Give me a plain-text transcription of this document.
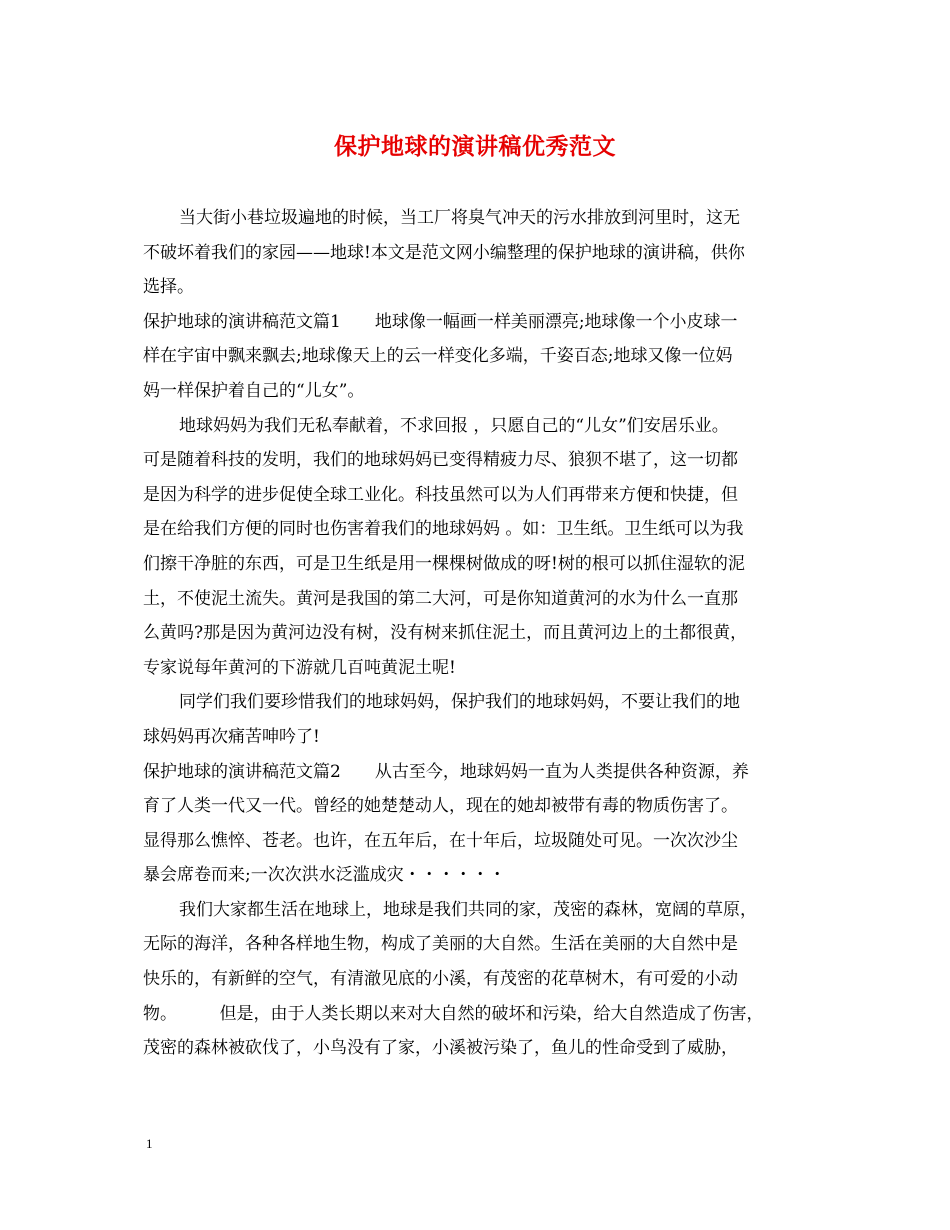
保护地球的演讲稿优秀范文
当大街小巷垃圾遍地的时候，当工厂将臭气冲天的污水排放到河里时，这无
不破坏着我们的家园——地球!本文是范文网小编整理的保护地球的演讲稿，供你
选择。
保护地球的演讲稿范文篇1　　地球像一幅画一样美丽漂亮;地球像一个小皮球一
样在宇宙中飘来飘去;地球像天上的云一样变化多端，千姿百态;地球又像一位妈
妈一样保护着自己的“儿女”。
地球妈妈为我们无私奉献着，不求回报 ，只愿自己的“儿女”们安居乐业。
可是随着科技的发明，我们的地球妈妈已变得精疲力尽、狼狈不堪了，这一切都
是因为科学的进步促使全球工业化。科技虽然可以为人们再带来方便和快捷，但
是在给我们方便的同时也伤害着我们的地球妈妈 。如：卫生纸。卫生纸可以为我
们擦干净脏的东西，可是卫生纸是用一棵棵树做成的呀!树的根可以抓住湿软的泥
土，不使泥土流失。黄河是我国的第二大河，可是你知道黄河的水为什么一直那
么黄吗?那是因为黄河边没有树，没有树来抓住泥土，而且黄河边上的土都很黄，
专家说每年黄河的下游就几百吨黄泥土呢!
同学们我们要珍惜我们的地球妈妈，保护我们的地球妈妈，不要让我们的地
球妈妈再次痛苦呻吟了!
保护地球的演讲稿范文篇2　　从古至今，地球妈妈一直为人类提供各种资源，养
育了人类一代又一代。曾经的她楚楚动人，现在的她却被带有毒的物质伤害了。
显得那么憔悴、苍老。也许，在五年后，在十年后，垃圾随处可见。一次次沙尘
暴会席卷而来;一次次洪水泛滥成灾・・・・・・
我们大家都生活在地球上，地球是我们共同的家，茂密的森林，宽阔的草原，
无际的海洋，各种各样地生物，构成了美丽的大自然。生活在美丽的大自然中是
快乐的，有新鲜的空气，有清澈见底的小溪，有茂密的花草树木，有可爱的小动
物。　　　但是，由于人类长期以来对大自然的破坏和污染，给大自然造成了伤害，
茂密的森林被砍伐了，小鸟没有了家，小溪被污染了，鱼儿的性命受到了威胁，
1
